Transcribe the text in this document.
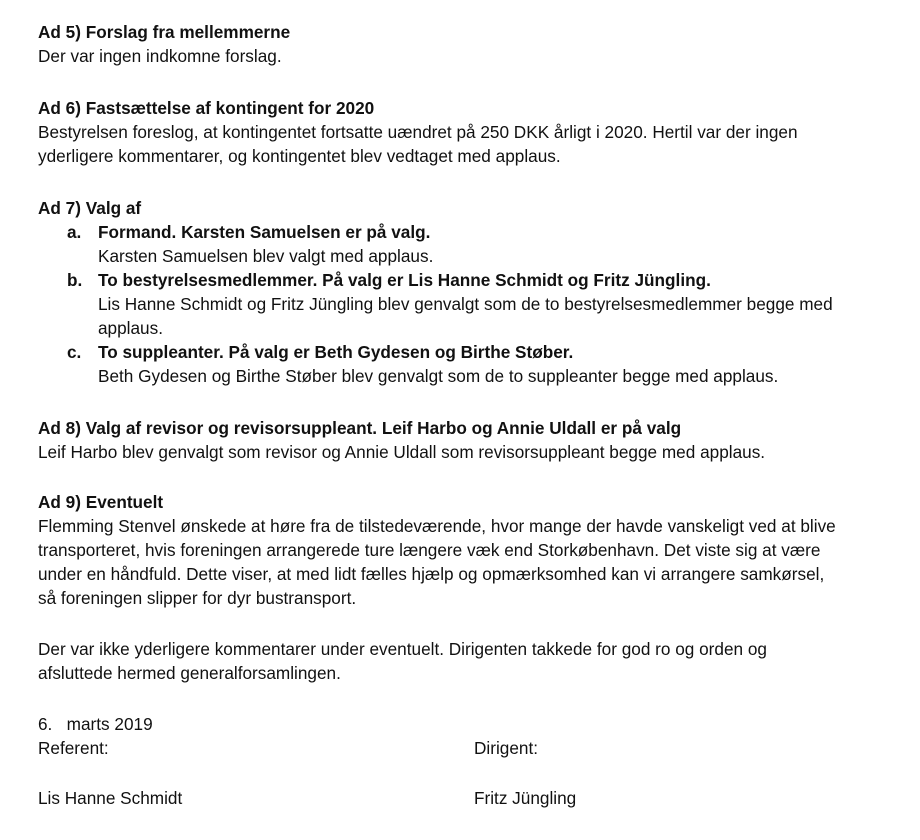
Ad 5) Forslag fra mellemmerne

Der var ingen indkomne forslag.

Ad 6) Fastsættelse af kontingent for 2020

Bestyrelsen foreslog, at kontingentet fortsatte uændret på 250 DKK årligt i 2020. Hertil var der ingen

yderligere kommentarer, og kontingentet blev vedtaget med applaus.

Ad 7) Valg af

a. Formand. Karsten Samuelsen er på valg.
Karsten Samuelsen blev valgt med applaus.
b. To bestyrelsesmedlemmer. På valg er Lis Hanne Schmidt og Fritz Jüngling.
Lis Hanne Schmidt og Fritz Jüngling blev genvalgt som de to bestyrelsesmedlemmer begge med
applaus.
c. To suppleanter. På valg er Beth Gydesen og Birthe Støber.
Beth Gydesen og Birthe Støber blev genvalgt som de to suppleanter begge med applaus.

Ad 8) Valg af revisor og revisorsuppleant. Leif Harbo og Annie Uldall er på valg

Leif Harbo blev genvalgt som revisor og Annie Uldall som revisorsuppleant begge med applaus.

Ad 9) Eventuelt

Flemming Stenvel ønskede at høre fra de tilstedeværende, hvor mange der havde vanskeligt ved at blive

transporteret, hvis foreningen arrangerede ture længere væk end Storkøbenhavn. Det viste sig at være

under en håndfuld. Dette viser, at med lidt fælles hjælp og opmærksomhed kan vi arrangere samkørsel,

så foreningen slipper for dyr bustransport.

Der var ikke yderligere kommentarer under eventuelt. Dirigenten takkede for god ro og orden og

afsluttede hermed generalforsamlingen.

6.   marts 2019

Referent:
Lis Hanne Schmidt
Dirigent:
Fritz Jüngling
